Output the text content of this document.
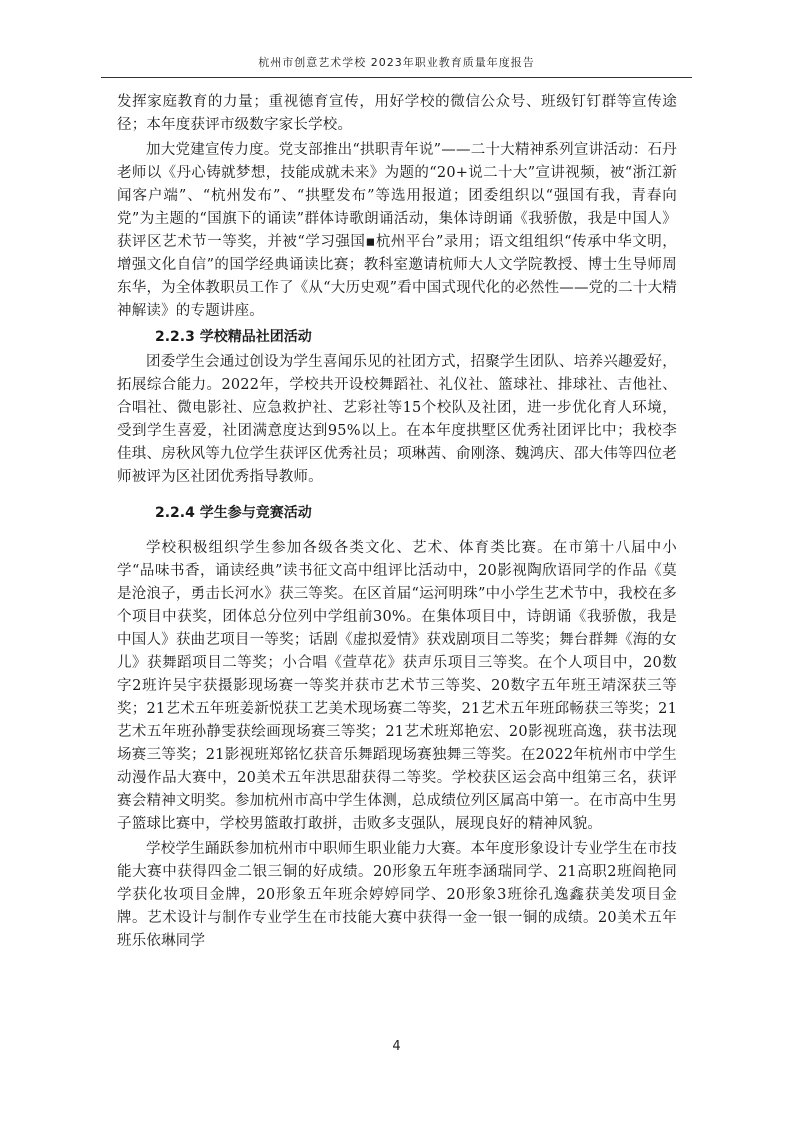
杭州市创意艺术学校 2023年职业教育质量年度报告

发挥家庭教育的力量；重视德育宣传，用好学校的微信公众号、班级钉钉群等宣传途径；本年度获评市级数字家长学校。

加大党建宣传力度。党支部推出“拱职青年说”——二十大精神系列宣讲活动：石丹老师以《丹心铸就梦想，技能成就未来》为题的“20+说二十大”宣讲视频，被“浙江新闻客户端”、“杭州发布”、“拱墅发布”等选用报道；团委组织以“强国有我，青春向党”为主题的“国旗下的诵读”群体诗歌朗诵活动，集体诗朗诵《我骄傲，我是中国人》获评区艺术节一等奖，并被“学习强国▪杭州平台”录用；语文组组织“传承中华文明，增强文化自信”的国学经典诵读比赛；教科室邀请杭师大人文学院教授、博士生导师周东华，为全体教职员工作了《从“大历史观”看中国式现代化的必然性——党的二十大精神解读》的专题讲座。

2.2.3 学校精品社团活动

团委学生会通过创设为学生喜闻乐见的社团方式，招聚学生团队、培养兴趣爱好，拓展综合能力。2022年，学校共开设校舞蹈社、礼仪社、篮球社、排球社、吉他社、合唱社、微电影社、应急救护社、艺彩社等15个校队及社团，进一步优化育人环境，受到学生喜爱，社团满意度达到95%以上。在本年度拱墅区优秀社团评比中；我校李佳琪、房秋风等九位学生获评区优秀社员；项琳茜、俞刚涤、魏鸿庆、邵大伟等四位老师被评为区社团优秀指导教师。

2.2.4 学生参与竞赛活动

学校积极组织学生参加各级各类文化、艺术、体育类比赛。在市第十八届中小学“品味书香，诵读经典”读书征文高中组评比活动中，20影视陶欣语同学的作品《莫是沧浪子，勇击长河水》获三等奖。在区首届“运河明珠”中小学生艺术节中，我校在多个项目中获奖，团体总分位列中学组前30%。在集体项目中，诗朗诵《我骄傲，我是中国人》获曲艺项目一等奖；话剧《虚拟爱情》获戏剧项目二等奖；舞台群舞《海的女儿》获舞蹈项目二等奖；小合唱《萱草花》获声乐项目三等奖。在个人项目中，20数字2班许吴宇获摄影现场赛一等奖并获市艺术节三等奖、20数字五年班王靖深获三等奖；21艺术五年班姜新悦获工艺美术现场赛二等奖，21艺术五年班邱畅获三等奖；21艺术五年班孙静雯获绘画现场赛三等奖；21艺术班郑艳宏、20影视班高逸，获书法现场赛三等奖；21影视班郑铭忆获音乐舞蹈现场赛独舞三等奖。在2022年杭州市中学生动漫作品大赛中，20美术五年洪思甜获得二等奖。学校获区运会高中组第三名，获评赛会精神文明奖。参加杭州市高中学生体测，总成绩位列区属高中第一。在市高中生男子篮球比赛中，学校男篮敢打敢拼，击败多支强队，展现良好的精神风貌。

学校学生踊跃参加杭州市中职师生职业能力大赛。本年度形象设计专业学生在市技能大赛中获得四金二银三铜的好成绩。20形象五年班李涵瑞同学、21高职2班阎艳同学获化妆项目金牌，20形象五年班余婷婷同学、20形象3班徐孔逸鑫获美发项目金牌。艺术设计与制作专业学生在市技能大赛中获得一金一银一铜的成绩。20美术五年班乐依琳同学

4
